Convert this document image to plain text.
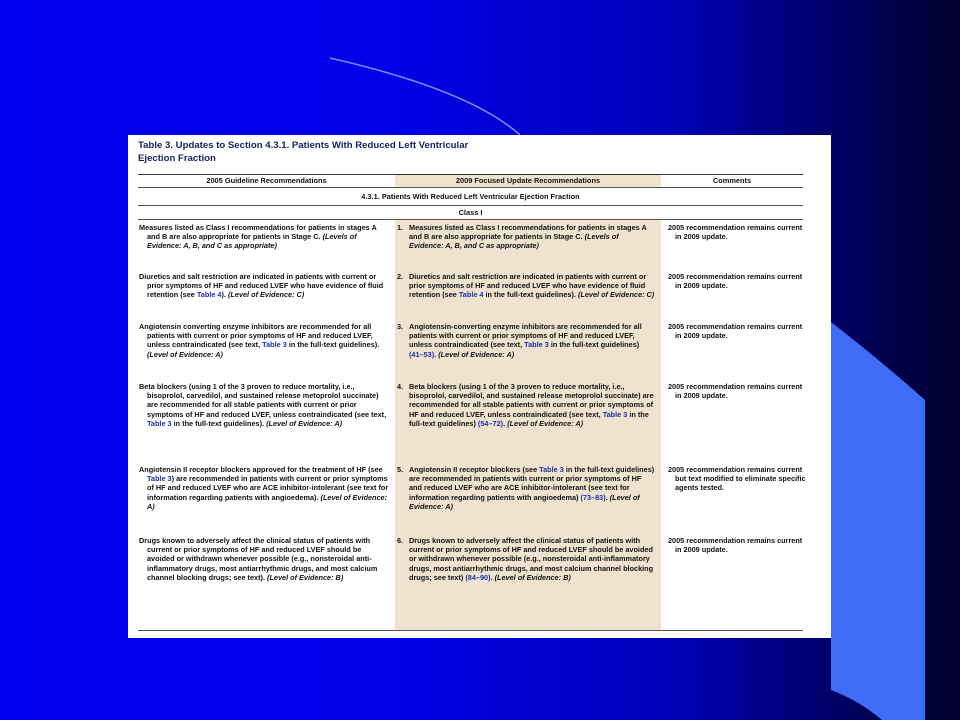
Table 3. Updates to Section 4.3.1. Patients With Reduced Left Ventricular
Ejection Fraction
2005 Guideline Recommendations	2009 Focused Update Recommendations	Comments
4.3.1. Patients With Reduced Left Ventricular Ejection Fraction
Class I
Measures listed as Class I recommendations for patients in stages A and B are also appropriate for patients in Stage C. (Levels of Evidence: A, B, and C as appropriate)
1. Measures listed as Class I recommendations for patients in stages A and B are also appropriate for patients in Stage C. (Levels of Evidence: A, B, and C as appropriate)
2005 recommendation remains current in 2009 update.
Diuretics and salt restriction are indicated in patients with current or prior symptoms of HF and reduced LVEF who have evidence of fluid retention (see Table 4). (Level of Evidence: C)
2. Diuretics and salt restriction are indicated in patients with current or prior symptoms of HF and reduced LVEF who have evidence of fluid retention (see Table 4 in the full-text guidelines). (Level of Evidence: C)
2005 recommendation remains current in 2009 update.
Angiotensin converting enzyme inhibitors are recommended for all patients with current or prior symptoms of HF and reduced LVEF, unless contraindicated (see text, Table 3 in the full-text guidelines). (Level of Evidence: A)
3. Angiotensin-converting enzyme inhibitors are recommended for all patients with current or prior symptoms of HF and reduced LVEF, unless contraindicated (see text, Table 3 in the full-text guidelines) (41–53). (Level of Evidence: A)
2005 recommendation remains current in 2009 update.
Beta blockers (using 1 of the 3 proven to reduce mortality, i.e., bisoprolol, carvedilol, and sustained release metoprolol succinate) are recommended for all stable patients with current or prior symptoms of HF and reduced LVEF, unless contraindicated (see text, Table 3 in the full-text guidelines). (Level of Evidence: A)
4. Beta blockers (using 1 of the 3 proven to reduce mortality, i.e., bisoprolol, carvedilol, and sustained release metoprolol succinate) are recommended for all stable patients with current or prior symptoms of HF and reduced LVEF, unless contraindicated (see text, Table 3 in the full-text guidelines) (54–72). (Level of Evidence: A)
2005 recommendation remains current in 2009 update.
Angiotensin II receptor blockers approved for the treatment of HF (see Table 3) are recommended in patients with current or prior symptoms of HF and reduced LVEF who are ACE inhibitor-intolerant (see text for information regarding patients with angioedema). (Level of Evidence: A)
5. Angiotensin II receptor blockers (see Table 3 in the full-text guidelines) are recommended in patients with current or prior symptoms of HF and reduced LVEF who are ACE inhibitor-intolerant (see text for information regarding patients with angioedema) (73–83). (Level of Evidence: A)
2005 recommendation remains current but text modified to eliminate specific agents tested.
Drugs known to adversely affect the clinical status of patients with current or prior symptoms of HF and reduced LVEF should be avoided or withdrawn whenever possible (e.g., nonsteroidal anti-inflammatory drugs, most antiarrhythmic drugs, and most calcium channel blocking drugs; see text). (Level of Evidence: B)
6. Drugs known to adversely affect the clinical status of patients with current or prior symptoms of HF and reduced LVEF should be avoided or withdrawn whenever possible (e.g., nonsteroidal anti-inflammatory drugs, most antiarrhythmic drugs, and most calcium channel blocking drugs; see text) (84–90). (Level of Evidence: B)
2005 recommendation remains current in 2009 update.
